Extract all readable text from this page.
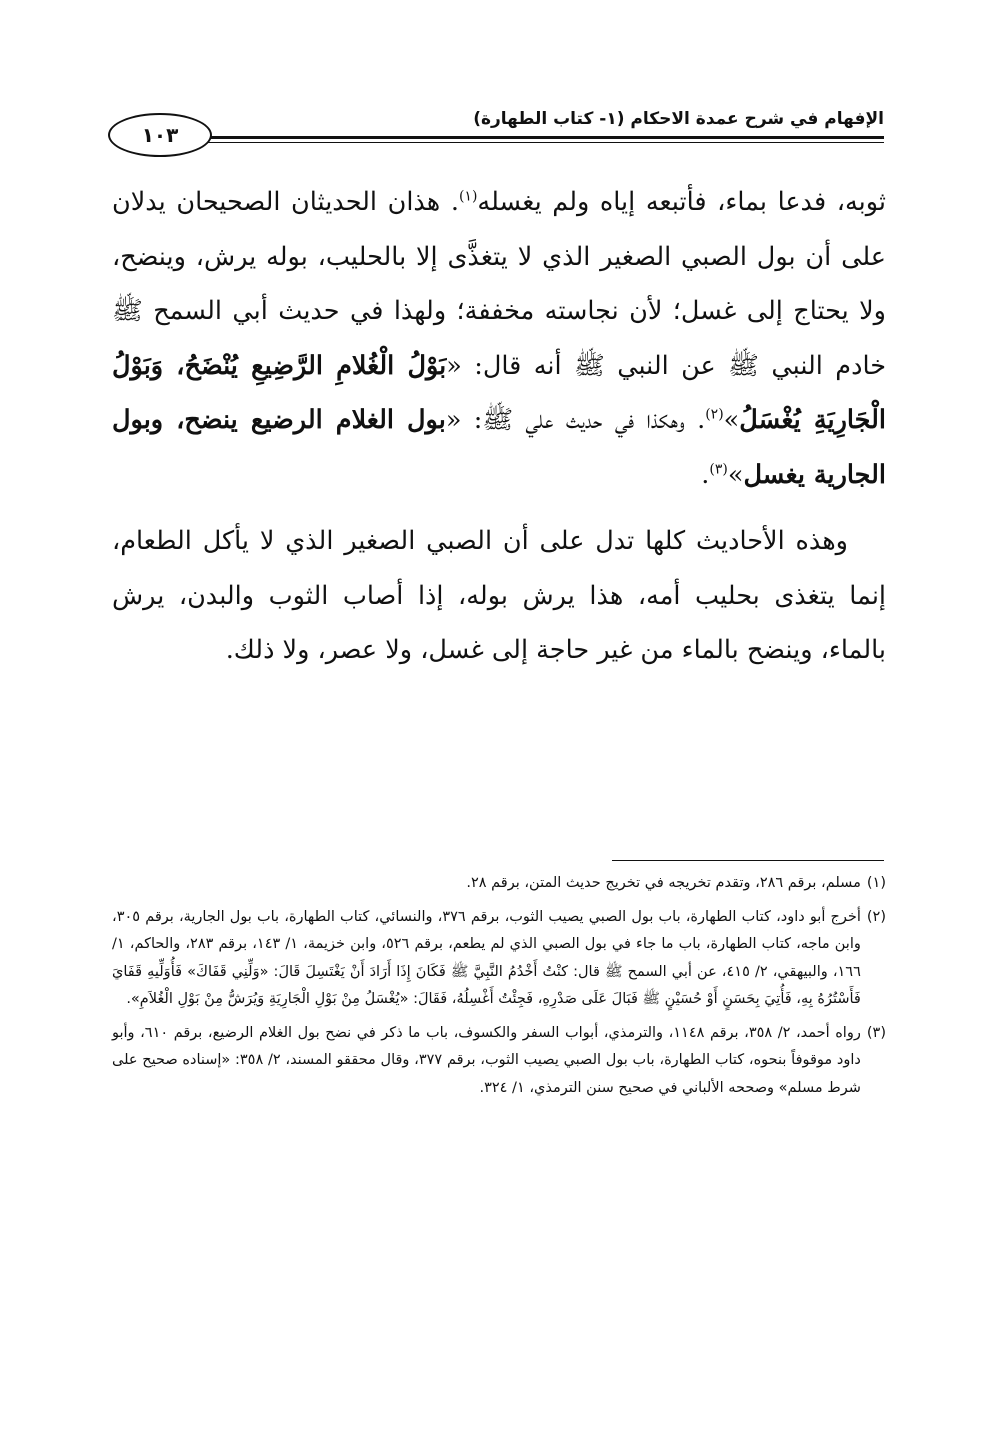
١٠٣
الإفهام في شرح عمدة الاحكام (١- كتاب الطهارة)

ثوبه، فدعا بماء، فأتبعه إياه ولم يغسله$^{(١)}$. هذان الحديثان الصحيحان يدلان على أن بول الصبي الصغير الذي لا يتغذَّى إلا بالحليب، بوله يرش، وينضح، ولا يحتاج إلى غسل؛ لأن نجاسته مخففة؛ ولهذا في حديث أبي السمح ﷺ خادم النبي ﷺ عن النبي ﷺ أنه قال: «بَوْلُ الْغُلامِ الرَّضِيعِ يُنْضَحُ، وَبَوْلُ الْجَارِيَةِ يُغْسَلُ»$^{(٢)}$. وهكذا في حديث علي ﷺ: «بول الغلام الرضيع ينضح، وبول الجارية يغسل»$^{(٣)}$.

وهذه الأحاديث كلها تدل على أن الصبي الصغير الذي لا يأكل الطعام، إنما يتغذى بحليب أمه، هذا يرش بوله، إذا أصاب الثوب والبدن، يرش بالماء، وينضح بالماء من غير حاجة إلى غسل، ولا عصر، ولا ذلك.

(١)
مسلم، برقم ٢٨٦، وتقدم تخريجه في تخريج حديث المتن، برقم ٢٨.
(٢)
أخرج أبو داود، كتاب الطهارة، باب بول الصبي يصيب الثوب، برقم ٣٧٦، والنسائي، كتاب الطهارة، باب بول الجارية، برقم ٣٠٥، وابن ماجه، كتاب الطهارة، باب ما جاء في بول الصبي الذي لم يطعم، برقم ٥٢٦، وابن خزيمة، ١/ ١٤٣، برقم ٢٨٣، والحاكم، ١/ ١٦٦، والبيهقي، ٢/ ٤١٥، عن أبي السمح ﷺ قال: كنْتُ أَخْدُمُ النَّبِيَّ ﷺ فَكَانَ إِذَا أَرَادَ أَنْ يَغْتَسِلَ قَالَ: «وَلِّنِي قَفَاكَ» فَأُوَلِّيهِ قَفَايَ فَأَسْتُرُهُ بِهِ، فَأُتِيَ بِحَسَنٍ أَوْ حُسَيْنٍ ﷺ فَبَالَ عَلَى صَدْرِهِ، فَجِئْتُ أَغْسِلُهُ، فَقَالَ: «يُغْسَلُ مِنْ بَوْلِ الْجَارِيَةِ وَيُرَشُّ مِنْ بَوْلِ الْغُلاَمِ».
(٣)
رواه أحمد، ٢/ ٣٥٨، برقم ١١٤٨، والترمذي، أبواب السفر والكسوف، باب ما ذكر في نضح بول الغلام الرضيع، برقم ٦١٠، وأبو داود موقوفاً بنحوه، كتاب الطهارة، باب بول الصبي يصيب الثوب، برقم ٣٧٧، وقال محققو المسند، ٢/ ٣٥٨: «إسناده صحيح على شرط مسلم» وصححه الألباني في صحيح سنن الترمذي، ١/ ٣٢٤.
